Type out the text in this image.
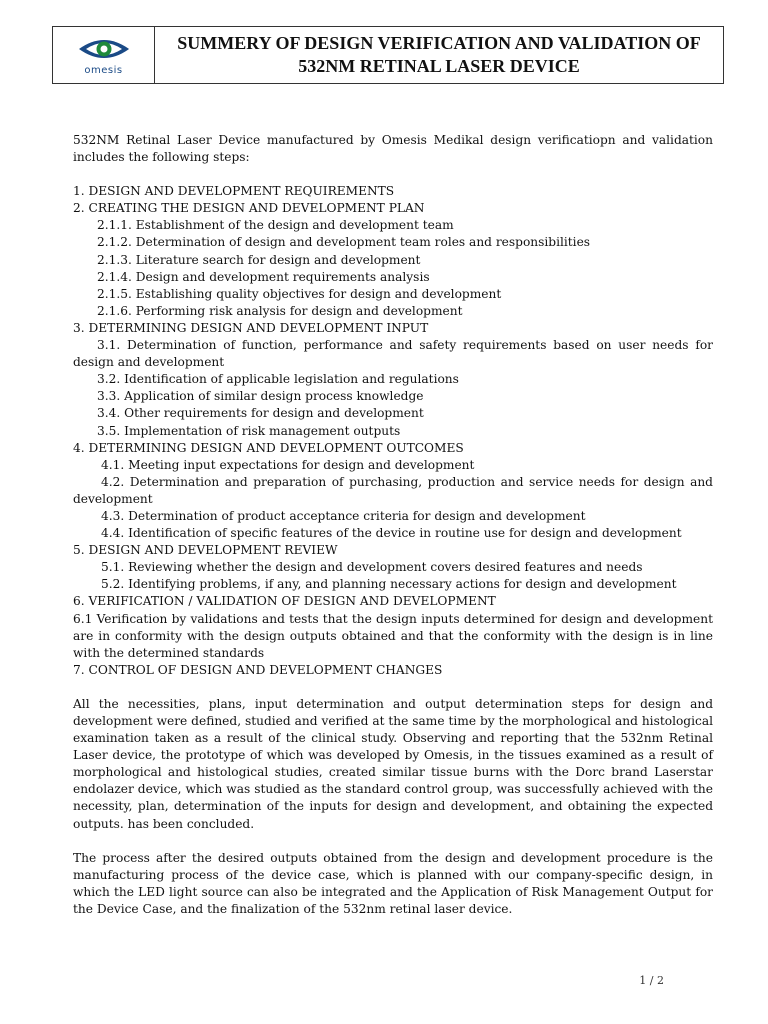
omesis
SUMMERY OF DESIGN VERIFICATION AND VALIDATION OF
532NM RETINAL LASER DEVICE

532NM Retinal Laser Device manufactured by Omesis Medikal design verificatiopn and validation includes the following steps:

1. DESIGN AND DEVELOPMENT REQUIREMENTS

2. CREATING THE DESIGN AND DEVELOPMENT PLAN

2.1.1. Establishment of the design and development team

2.1.2. Determination of design and development team roles and responsibilities

2.1.3. Literature search for design and development

2.1.4. Design and development requirements analysis

2.1.5. Establishing quality objectives for design and development

2.1.6. Performing risk analysis for design and development

3. DETERMINING DESIGN AND DEVELOPMENT INPUT

3.1. Determination of function, performance and safety requirements based on user needs for design and development

3.2. Identification of applicable legislation and regulations

3.3. Application of similar design process knowledge

3.4. Other requirements for design and development

3.5. Implementation of risk management outputs

4. DETERMINING DESIGN AND DEVELOPMENT OUTCOMES

4.1. Meeting input expectations for design and development

4.2. Determination and preparation of purchasing, production and service needs for design and development

4.3. Determination of product acceptance criteria for design and development

4.4. Identification of specific features of the device in routine use for design and development

5. DESIGN AND DEVELOPMENT REVIEW

5.1. Reviewing whether the design and development covers desired features and needs

5.2. Identifying problems, if any, and planning necessary actions for design and development

6. VERIFICATION / VALIDATION OF DESIGN AND DEVELOPMENT

6.1 Verification by validations and tests that the design inputs determined for design and development are in conformity with the design outputs obtained and that the conformity with the design is in line with the determined standards

7. CONTROL OF DESIGN AND DEVELOPMENT CHANGES

All the necessities, plans, input determination and output determination steps for design and development were defined, studied and verified at the same time by the morphological and histological examination taken as a result of the clinical study. Observing and reporting that the 532nm Retinal Laser device, the prototype of which was developed by Omesis, in the tissues examined as a result of morphological and histological studies, created similar tissue burns with the Dorc brand Laserstar endolazer device, which was studied as the standard control group, was successfully achieved with the necessity, plan, determination of the inputs for design and development, and obtaining the expected outputs. has been concluded.

The process after the desired outputs obtained from the design and development procedure is the manufacturing process of the device case, which is planned with our company-specific design, in which the LED light source can also be integrated and the Application of Risk Management Output for the Device Case, and the finalization of the 532nm retinal laser device.

1 / 2
